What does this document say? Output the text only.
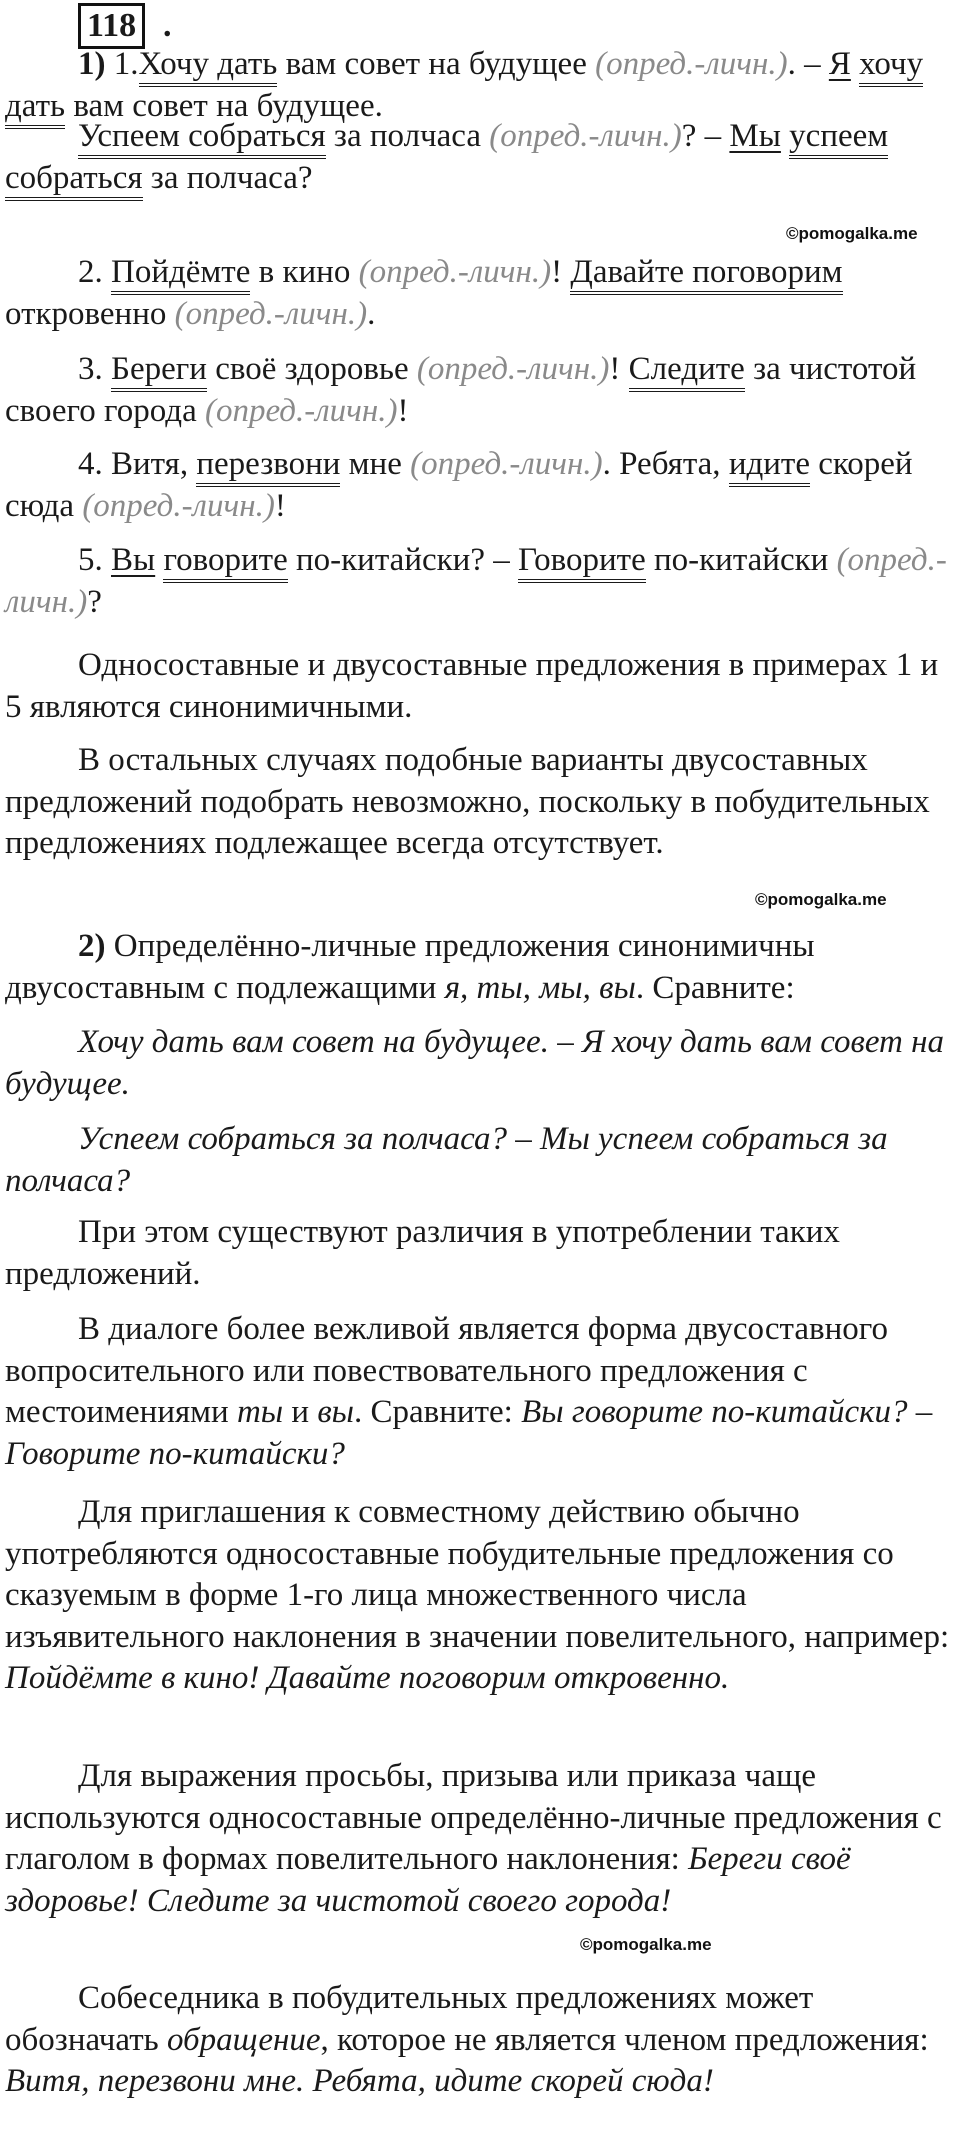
118 .

1) 1.Хочу дать вам совет на будущее (опред.-личн.). – Я хочу дать вам совет на будущее.

Успеем собраться за полчаса (опред.-личн.)? – Мы успеем собраться за полчаса?

©pomogalka.me

2. Пойдёмте в кино (опред.-личн.)! Давайте поговорим откровенно (опред.-личн.).

3. Береги своё здоровье (опред.-личн.)! Следите за чистотой своего города (опред.-личн.)!

4. Витя, перезвони мне (опред.-личн.). Ребята, идите скорей сюда (опред.-личн.)!

5. Вы говорите по-китайски? – Говорите по-китайски (опред.-личн.)?

Односоставные и двусоставные предложения в примерах 1 и 5 являются синонимичными.

В остальных случаях подобные варианты двусоставных предложений подобрать невозможно, поскольку в побудительных предложениях подлежащее всегда отсутствует.

©pomogalka.me

2) Определённо-личные предложения синонимичны двусоставным с подлежащими я, ты, мы, вы. Сравните:

Хочу дать вам совет на будущее. – Я хочу дать вам совет на будущее.

Успеем собраться за полчаса? – Мы успеем собраться за полчаса?

При этом существуют различия в употреблении таких предложений.

В диалоге более вежливой является форма двусоставного вопросительного или повествовательного предложения с местоимениями ты и вы. Сравните: Вы говорите по-китайски? – Говорите по-китайски?

Для приглашения к совместному действию обычно употребляются односоставные побудительные предложения со сказуемым в форме 1-го лица множественного числа изъявительного наклонения в значении повелительного, например: Пойдёмте в кино! Давайте поговорим откровенно.

Для выражения просьбы, призыва или приказа чаще используются односоставные определённо-личные предложения с глаголом в формах повелительного наклонения: Береги своё здоровье! Следите за чистотой своего города!

©pomogalka.me

Собеседника в побудительных предложениях может обозначать обращение, которое не является членом предложения: Витя, перезвони мне. Ребята, идите скорей сюда!
